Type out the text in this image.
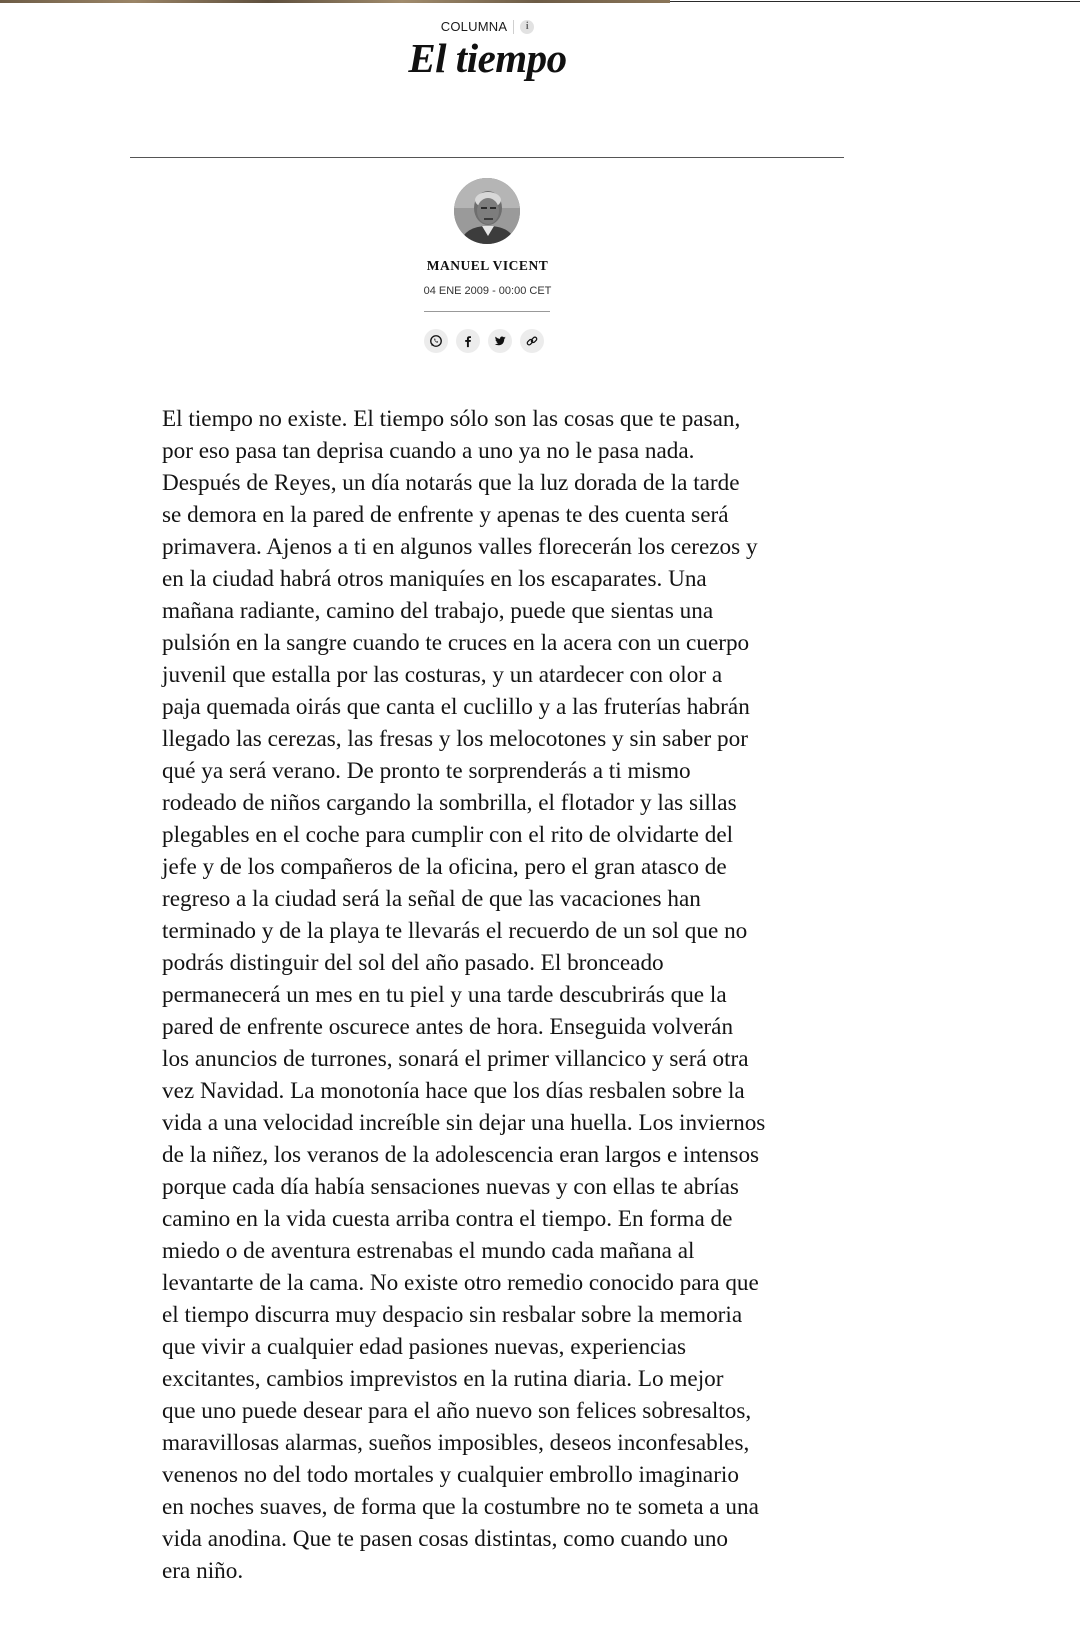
COLUMNA	i
El tiempo
MANUEL VICENT
04 ENE 2009 - 00:00 CET
El tiempo no existe. El tiempo sólo son las cosas que te pasan,
por eso pasa tan deprisa cuando a uno ya no le pasa nada.
Después de Reyes, un día notarás que la luz dorada de la tarde
se demora en la pared de enfrente y apenas te des cuenta será
primavera. Ajenos a ti en algunos valles florecerán los cerezos y
en la ciudad habrá otros maniquíes en los escaparates. Una
mañana radiante, camino del trabajo, puede que sientas una
pulsión en la sangre cuando te cruces en la acera con un cuerpo
juvenil que estalla por las costuras, y un atardecer con olor a
paja quemada oirás que canta el cuclillo y a las fruterías habrán
llegado las cerezas, las fresas y los melocotones y sin saber por
qué ya será verano. De pronto te sorprenderás a ti mismo
rodeado de niños cargando la sombrilla, el flotador y las sillas
plegables en el coche para cumplir con el rito de olvidarte del
jefe y de los compañeros de la oficina, pero el gran atasco de
regreso a la ciudad será la señal de que las vacaciones han
terminado y de la playa te llevarás el recuerdo de un sol que no
podrás distinguir del sol del año pasado. El bronceado
permanecerá un mes en tu piel y una tarde descubrirás que la
pared de enfrente oscurece antes de hora. Enseguida volverán
los anuncios de turrones, sonará el primer villancico y será otra
vez Navidad. La monotonía hace que los días resbalen sobre la
vida a una velocidad increíble sin dejar una huella. Los inviernos
de la niñez, los veranos de la adolescencia eran largos e intensos
porque cada día había sensaciones nuevas y con ellas te abrías
camino en la vida cuesta arriba contra el tiempo. En forma de
miedo o de aventura estrenabas el mundo cada mañana al
levantarte de la cama. No existe otro remedio conocido para que
el tiempo discurra muy despacio sin resbalar sobre la memoria
que vivir a cualquier edad pasiones nuevas, experiencias
excitantes, cambios imprevistos en la rutina diaria. Lo mejor
que uno puede desear para el año nuevo son felices sobresaltos,
maravillosas alarmas, sueños imposibles, deseos inconfesables,
venenos no del todo mortales y cualquier embrollo imaginario
en noches suaves, de forma que la costumbre no te someta a una
vida anodina. Que te pasen cosas distintas, como cuando uno
era niño.
